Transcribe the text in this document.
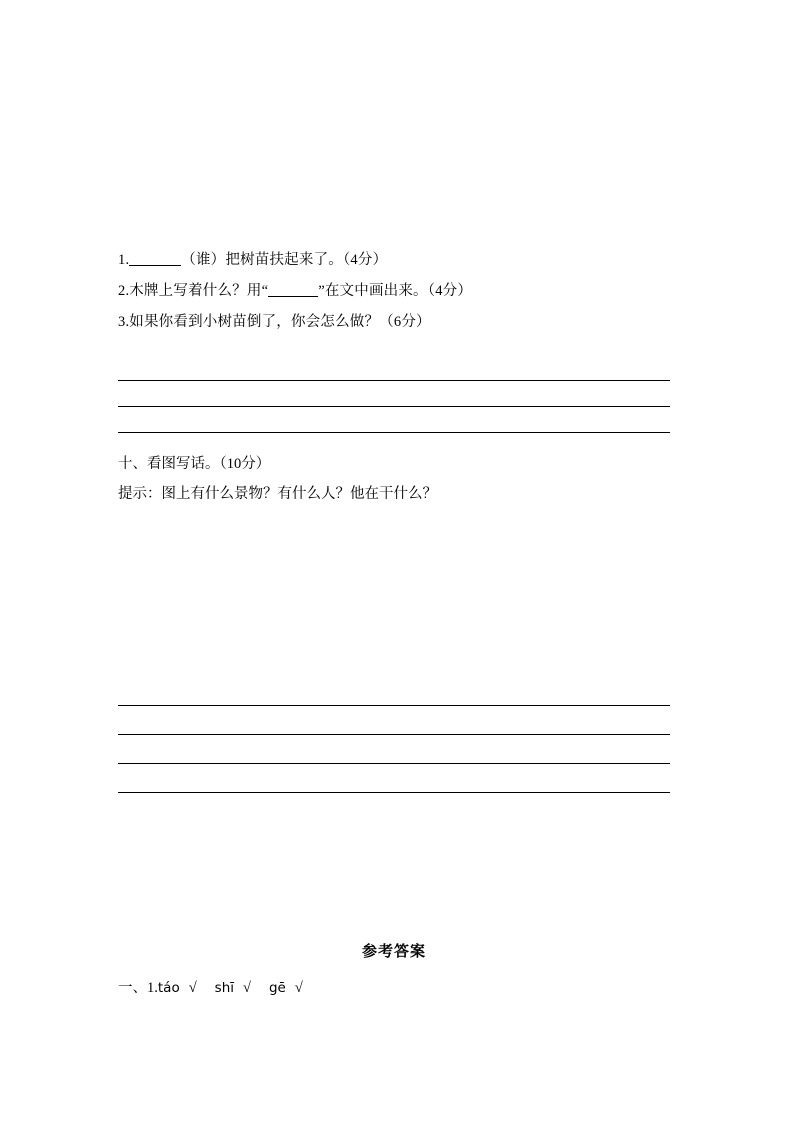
1.	（谁）把树苗扶起来了。（4分）
2.木牌上写着什么？用“	”在文中画出来。（4分）
3.如果你看到小树苗倒了，你会怎么做？（6分）
十、看图写话。（10分）
提示：图上有什么景物？有什么人？他在干什么？
参考答案
一、1.táo √ shī √ gē √
